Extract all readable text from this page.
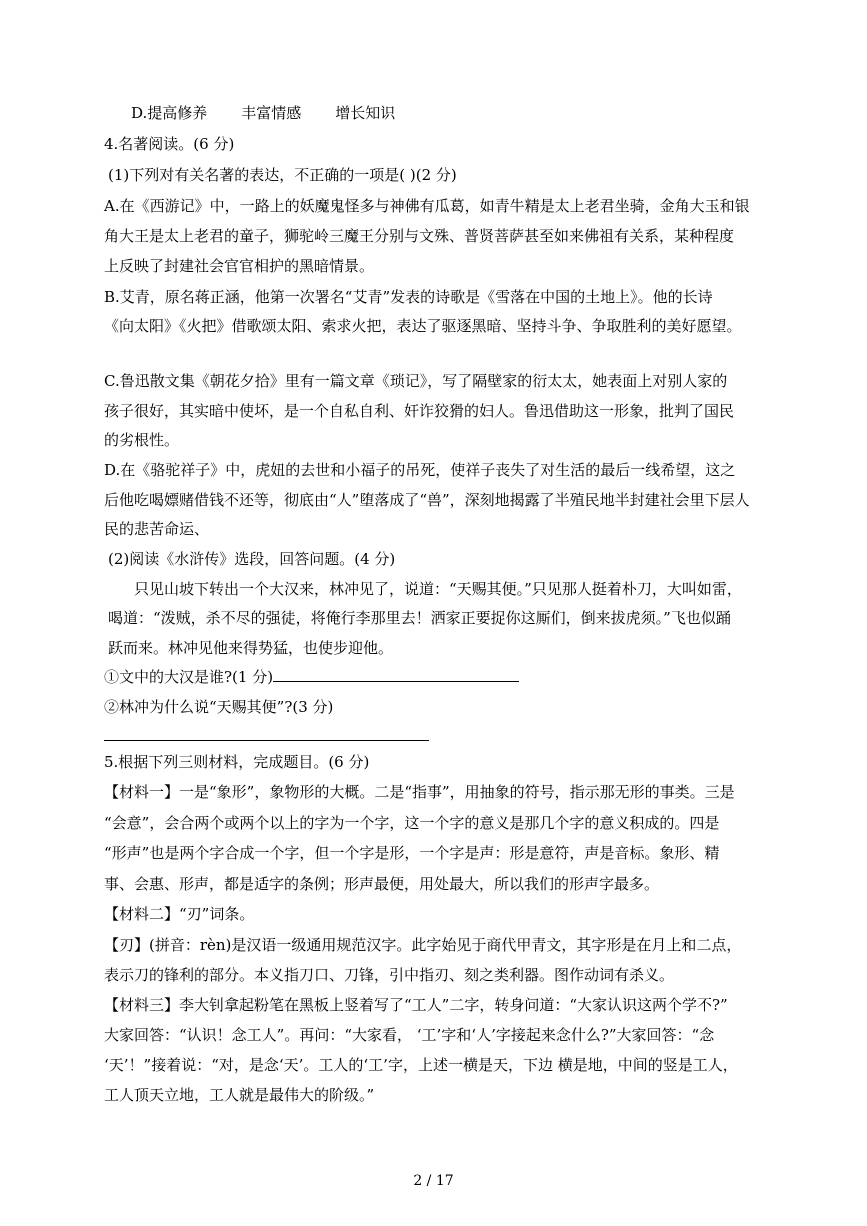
D.提高修养 丰富情感 增长知识
4.名著阅读。(6 分)
(1)下列对有关名著的表达，不正确的一项是( )(2 分)
A.在《西游记》中，一路上的妖魔鬼怪多与神佛有瓜葛，如青牛精是太上老君坐骑，金角大玉和银
角大王是太上老君的童子，狮驼岭三魔王分别与文殊、普贤菩萨甚至如来佛祖有关系，某种程度
上反映了封建社会官官相护的黑暗情景。
B.艾青，原名蒋正涵，他第一次署名“艾青”发表的诗歌是《雪落在中国的土地上》。他的长诗
《向太阳》《火把》借歌颂太阳、索求火把，表达了驱逐黑暗、坚持斗争、争取胜利的美好愿望。
C.鲁迅散文集《朝花夕拾》里有一篇文章《琐记》，写了隔壁家的衍太太，她表面上对别人家的
孩子很好，其实暗中使坏，是一个自私自利、奸诈狡猾的妇人。鲁迅借助这一形象，批判了国民
的劣根性。
D.在《骆驼祥子》中，虎妞的去世和小福子的吊死，使祥子丧失了对生活的最后一线希望，这之
后他吃喝嫖赌借钱不还等，彻底由“人”堕落成了“兽”，深刻地揭露了半殖民地半封建社会里下层人
民的悲苦命运、
(2)阅读《水浒传》选段，回答问题。(4 分)
只见山坡下转出一个大汉来，林冲见了，说道：“天赐其便。”只见那人挺着朴刀，大叫如雷，
喝道：“泼贼，杀不尽的强徒，将俺行李那里去！洒家正要捉你这厮们，倒来拔虎须。”飞也似踊
跃而来。林冲见他来得势猛，也使步迎他。
①文中的大汉是谁?(1 分)
②林冲为什么说“天赐其便”?(3 分)
5.根据下列三则材料，完成题目。(6 分)
【材料一】一是“象形”，象物形的大概。二是“指事”，用抽象的符号，指示那无形的事类。三是
“会意”，会合两个或两个以上的字为一个字，这一个字的意义是那几个字的意义积成的。四是
“形声”也是两个字合成一个字，但一个字是形，一个字是声：形是意符，声是音标。象形、精
事、会惠、形声，都是适字的条例；形声最便，用处最大，所以我们的形声字最多。
【材料二】“刃”词条。
【刃】(拼音：rèn)是汉语一级通用规范汉字。此字始见于商代甲青文，其字形是在月上和二点，
表示刀的锋利的部分。本义指刀口、刀锋，引中指刃、刻之类利器。图作动词有杀义。
【材料三】李大钊拿起粉笔在黑板上竖着写了“工人”二字，转身问道：“大家认识这两个学不?”
大家回答：“认识！念工人”。再问：“大家看， ‘工’字和‘人’字接起来念什么?”大家回答：“念
‘天’！”接着说：“对，是念‘天’。工人的‘工’字，上述一横是天，下边 横是地，中间的竖是工人，
工人顶天立地，工人就是最伟大的阶级。”
2 / 17
